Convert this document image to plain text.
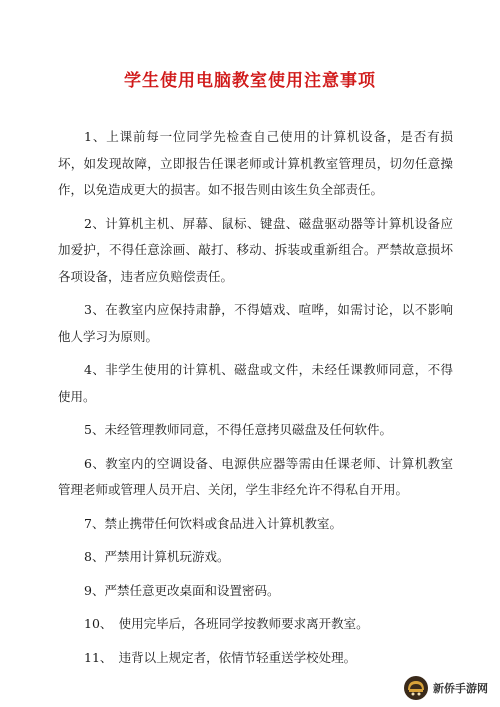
学生使用电脑教室使用注意事项

1、上课前每一位同学先检查自己使用的计算机设备，是否有损坏，如发现故障，立即报告任课老师或计算机教室管理员，切勿任意操作，以免造成更大的损害。如不报告则由该生负全部责任。

2、计算机主机、屏幕、鼠标、键盘、磁盘驱动器等计算机设备应加爱护，不得任意涂画、敲打、移动、拆装或重新组合。严禁故意损坏各项设备，违者应负赔偿责任。

3、在教室内应保持肃静，不得嬉戏、喧哗，如需讨论，以不影响他人学习为原则。

4、非学生使用的计算机、磁盘或文件，未经任课教师同意，不得使用。

5、未经管理教师同意，不得任意拷贝磁盘及任何软件。

6、教室内的空调设备、电源供应器等需由任课老师、计算机教室管理老师或管理人员开启、关闭，学生非经允许不得私自开用。

7、禁止携带任何饮料或食品进入计算机教室。

8、严禁用计算机玩游戏。

9、严禁任意更改桌面和设置密码。

10、　使用完毕后，各班同学按教师要求离开教室。

11、　违背以上规定者，依情节轻重送学校处理。

新侨手游网
